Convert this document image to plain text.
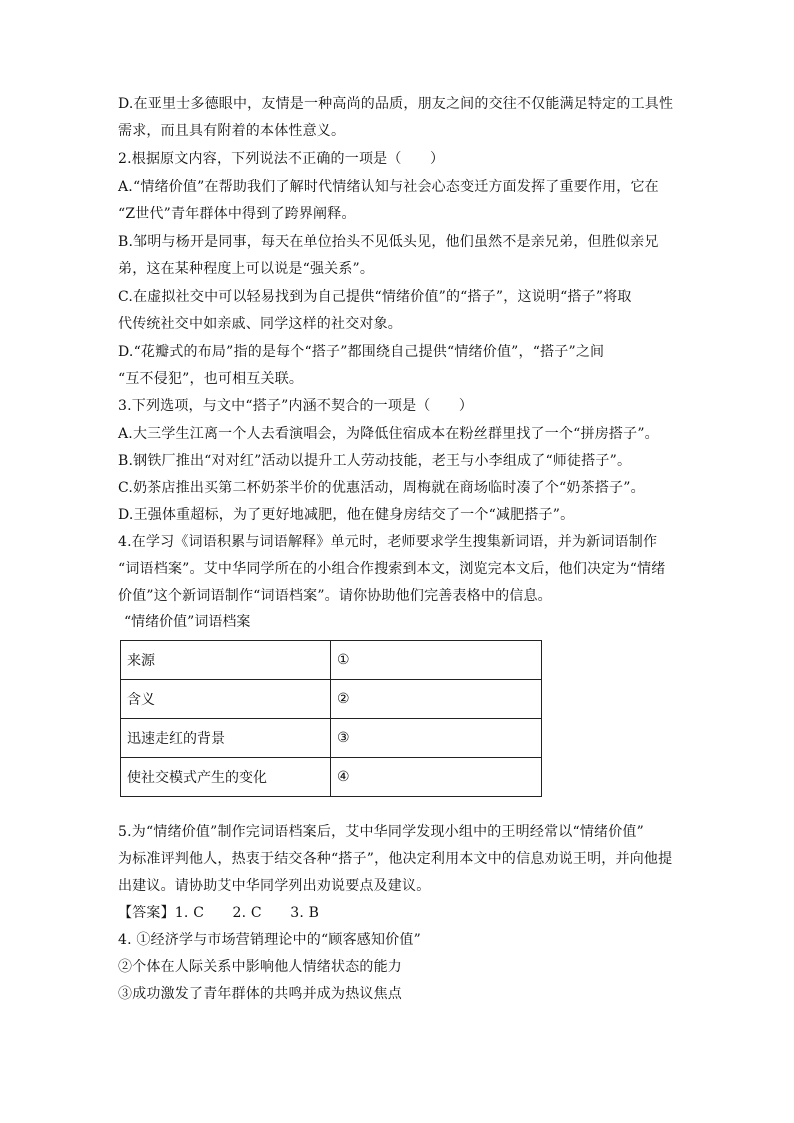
D.在亚里士多德眼中，友情是一种高尚的品质，朋友之间的交往不仅能满足特定的工具性
需求，而且具有附着的本体性意义。
2.根据原文内容，下列说法不正确的一项是（　　）
A.“情绪价值”在帮助我们了解时代情绪认知与社会心态变迁方面发挥了重要作用，它在
“Z世代”青年群体中得到了跨界阐释。
B.邹明与杨开是同事，每天在单位抬头不见低头见，他们虽然不是亲兄弟，但胜似亲兄
弟，这在某种程度上可以说是“强关系”。
C.在虚拟社交中可以轻易找到为自己提供“情绪价值”的“搭子”，这说明“搭子”将取
代传统社交中如亲戚、同学这样的社交对象。
D.“花瓣式的布局”指的是每个“搭子”都围绕自己提供“情绪价值”，“搭子”之间
“互不侵犯”，也可相互关联。
3.下列选项，与文中“搭子”内涵不契合的一项是（　　）
A.大三学生江离一个人去看演唱会，为降低住宿成本在粉丝群里找了一个“拼房搭子”。
B.钢铁厂推出“对对红”活动以提升工人劳动技能，老王与小李组成了“师徒搭子”。
C.奶茶店推出买第二杯奶茶半价的优惠活动，周梅就在商场临时凑了个“奶茶搭子”。
D.王强体重超标，为了更好地减肥，他在健身房结交了一个“减肥搭子”。
4.在学习《词语积累与词语解释》单元时，老师要求学生搜集新词语，并为新词语制作
“词语档案”。艾中华同学所在的小组合作搜索到本文，浏览完本文后，他们决定为“情绪
价值”这个新词语制作“词语档案”。请你协助他们完善表格中的信息。
“情绪价值”词语档案
来源	①
含义	②
迅速走红的背景	③
使社交模式产生的变化	④
5.为“情绪价值”制作完词语档案后，艾中华同学发现小组中的王明经常以“情绪价值”
为标准评判他人，热衷于结交各种“搭子”，他决定利用本文中的信息劝说王明，并向他提
出建议。请协助艾中华同学列出劝说要点及建议。
【答案】1. C　　2. C　　3. B
4. ①经济学与市场营销理论中的“顾客感知价值”
②个体在人际关系中影响他人情绪状态的能力
③成功激发了青年群体的共鸣并成为热议焦点
